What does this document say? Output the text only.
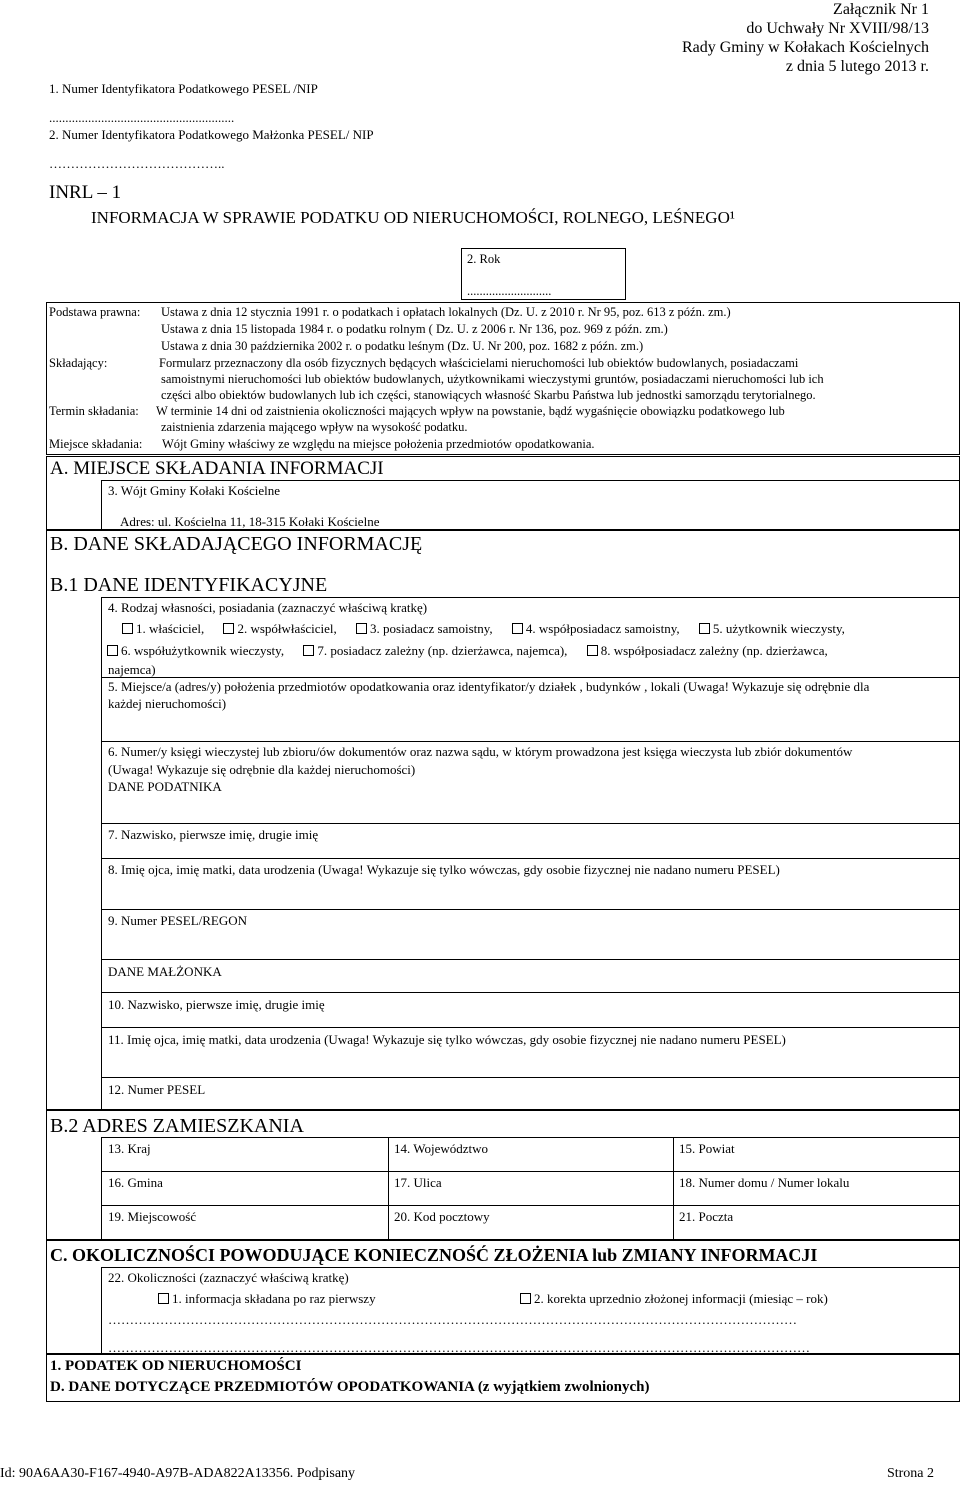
Załącznik Nr 1
do Uchwały Nr XVIII/98/13
Rady Gminy w Kołakach Kościelnych
z dnia 5 lutego 2013 r.
1. Numer Identyfikatora Podatkowego PESEL /NIP
.........................................................
2. Numer Identyfikatora Podatkowego Małżonka PESEL/ NIP
…………………………………..
INRL – 1
INFORMACJA W SPRAWIE PODATKU OD NIERUCHOMOŚCI, ROLNEGO, LEŚNEGO¹
2. Rok
...........................
Podstawa prawna: Ustawa z dnia 12 stycznia 1991 r. o podatkach i opłatach lokalnych (Dz. U. z 2010 r. Nr 95, poz. 613 z późn. zm.)
Ustawa z dnia 15 listopada 1984 r. o podatku rolnym ( Dz. U. z 2006 r. Nr 136, poz. 969 z późn. zm.)
Ustawa z dnia 30 października 2002 r. o podatku leśnym (Dz. U. Nr 200, poz. 1682 z późn. zm.)
Składający:	Formularz przeznaczony dla osób fizycznych będących właścicielami nieruchomości lub obiektów budowlanych, posiadaczami
samoistnymi nieruchomości lub obiektów budowlanych, użytkownikami wieczystymi gruntów, posiadaczami nieruchomości lub ich
części albo obiektów budowlanych lub ich części, stanowiących własność Skarbu Państwa lub jednostki samorządu terytorialnego.
Termin składania: W terminie 14 dni od zaistnienia okoliczności mających wpływ na powstanie, bądź wygaśnięcie obowiązku podatkowego lub
zaistnienia zdarzenia mającego wpływ na wysokość podatku.
Miejsce składania: Wójt Gminy właściwy ze względu na miejsce położenia przedmiotów opodatkowania.
A. MIEJSCE SKŁADANIA INFORMACJI
3. Wójt Gminy Kołaki Kościelne
Adres: ul. Kościelna 11, 18-315 Kołaki Kościelne
B. DANE SKŁADAJĄCEGO INFORMACJĘ
B.1 DANE IDENTYFIKACYJNE
4. Rodzaj własności, posiadania (zaznaczyć właściwą kratkę)
1. właściciel,	2. współwłaściciel,	3. posiadacz samoistny,	4. współposiadacz samoistny,	5. użytkownik wieczysty,
6. współużytkownik wieczysty,	7. posiadacz zależny (np. dzierżawca, najemca),	8. współposiadacz zależny (np. dzierżawca,
najemca)
5. Miejsce/a (adres/y) położenia przedmiotów opodatkowania oraz identyfikator/y działek , budynków , lokali (Uwaga! Wykazuje się odrębnie dla
każdej nieruchomości)
6. Numer/y księgi wieczystej lub zbioru/ów dokumentów oraz nazwa sądu, w którym prowadzona jest księga wieczysta lub zbiór dokumentów
(Uwaga! Wykazuje się odrębnie dla każdej nieruchomości)
DANE PODATNIKA
7. Nazwisko, pierwsze imię, drugie imię
8. Imię ojca, imię matki, data urodzenia (Uwaga! Wykazuje się tylko wówczas, gdy osobie fizycznej nie nadano numeru PESEL)
9. Numer PESEL/REGON
DANE MAŁŻONKA
10. Nazwisko, pierwsze imię, drugie imię
11. Imię ojca, imię matki, data urodzenia (Uwaga! Wykazuje się tylko wówczas, gdy osobie fizycznej nie nadano numeru PESEL)
12. Numer PESEL
B.2 ADRES ZAMIESZKANIA
13. Kraj	14. Województwo	15. Powiat
16. Gmina	17. Ulica	18. Numer domu / Numer lokalu
19. Miejscowość	20. Kod pocztowy	21. Poczta
C. OKOLICZNOŚCI POWODUJĄCE KONIECZNOŚĆ ZŁOŻENIA lub ZMIANY INFORMACJI
22. Okoliczności (zaznaczyć właściwą kratkę)
1. informacja składana po raz pierwszy	2. korekta uprzednio złożonej informacji (miesiąc – rok)
……………………………………………………………………………………………………………………………………………
………………………………………………………………………………………………………………………………………………
1. PODATEK OD NIERUCHOMOŚCI
D. DANE DOTYCZĄCE PRZEDMIOTÓW OPODATKOWANIA (z wyjątkiem zwolnionych)
Id: 90A6AA30-F167-4940-A97B-ADA822A13356. Podpisany	Strona 2
